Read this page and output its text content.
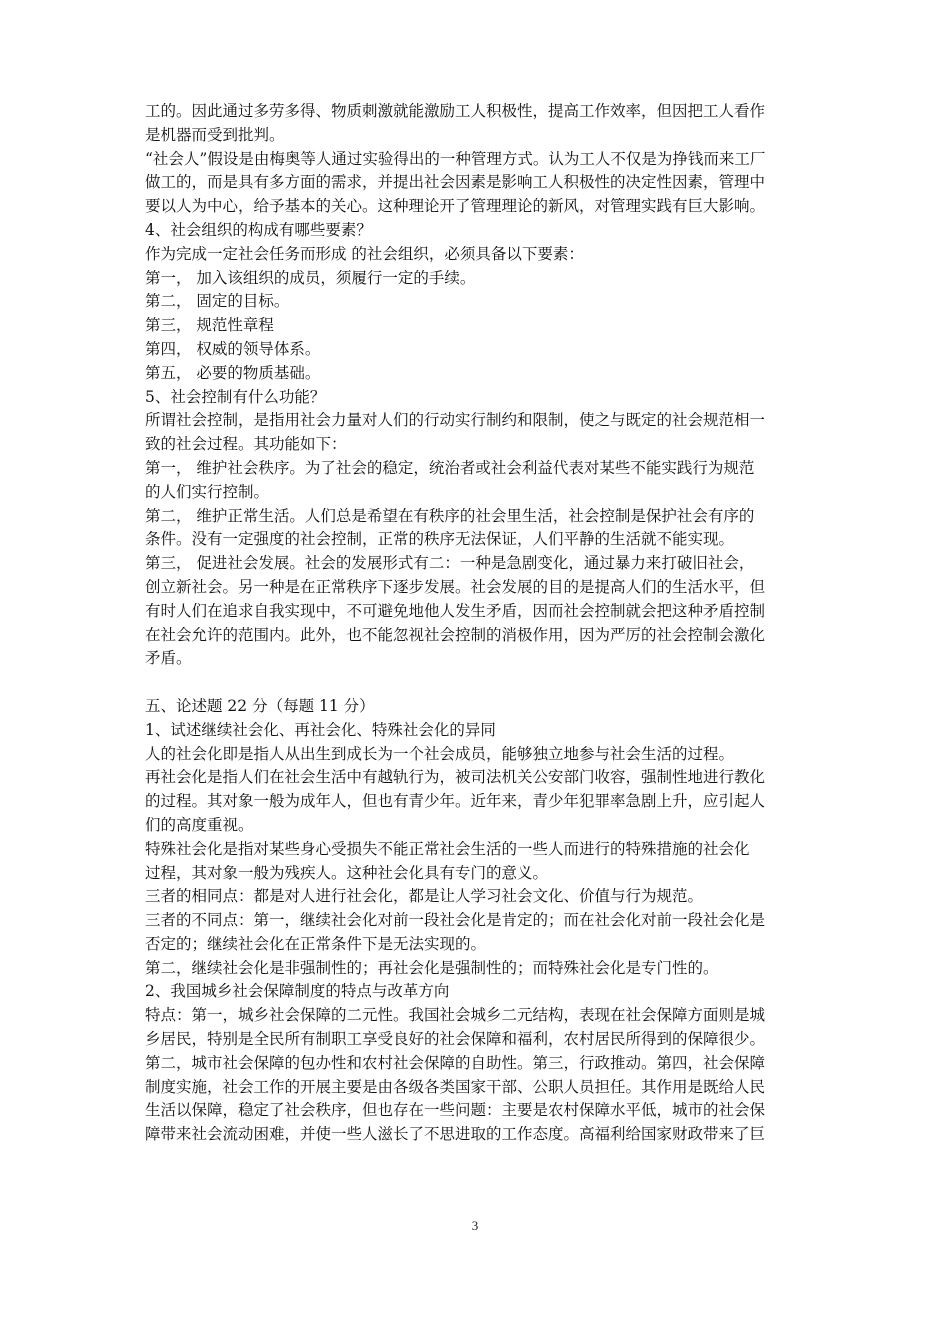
工的。因此通过多劳多得、物质刺激就能激励工人积极性，提高工作效率，但因把工人看作
是机器而受到批判。
“社会人”假设是由梅奥等人通过实验得出的一种管理方式。认为工人不仅是为挣钱而来工厂
做工的，而是具有多方面的需求，并提出社会因素是影响工人积极性的决定性因素，管理中
要以人为中心，给予基本的关心。这种理论开了管理理论的新风，对管理实践有巨大影响。
4、社会组织的构成有哪些要素？
作为完成一定社会任务而形成 的社会组织，必须具备以下要素：
第一， 加入该组织的成员，须履行一定的手续。
第二， 固定的目标。
第三， 规范性章程
第四， 权威的领导体系。
第五， 必要的物质基础。
5、社会控制有什么功能？
所谓社会控制，是指用社会力量对人们的行动实行制约和限制，使之与既定的社会规范相一
致的社会过程。其功能如下：
第一， 维护社会秩序。为了社会的稳定，统治者或社会利益代表对某些不能实践行为规范
的人们实行控制。
第二， 维护正常生活。人们总是希望在有秩序的社会里生活，社会控制是保护社会有序的
条件。没有一定强度的社会控制，正常的秩序无法保证，人们平静的生活就不能实现。
第三， 促进社会发展。社会的发展形式有二：一种是急剧变化，通过暴力来打破旧社会，
创立新社会。另一种是在正常秩序下逐步发展。社会发展的目的是提高人们的生活水平，但
有时人们在追求自我实现中，不可避免地他人发生矛盾，因而社会控制就会把这种矛盾控制
在社会允许的范围内。此外，也不能忽视社会控制的消极作用，因为严厉的社会控制会激化
矛盾。
五、论述题 22 分（每题 11 分）
1、试述继续社会化、再社会化、特殊社会化的异同
人的社会化即是指人从出生到成长为一个社会成员，能够独立地参与社会生活的过程。
再社会化是指人们在社会生活中有越轨行为，被司法机关公安部门收容，强制性地进行教化
的过程。其对象一般为成年人，但也有青少年。近年来，青少年犯罪率急剧上升，应引起人
们的高度重视。
特殊社会化是指对某些身心受损失不能正常社会生活的一些人而进行的特殊措施的社会化
过程，其对象一般为残疾人。这种社会化具有专门的意义。
三者的相同点：都是对人进行社会化，都是让人学习社会文化、价值与行为规范。
三者的不同点：第一，继续社会化对前一段社会化是肯定的；而在社会化对前一段社会化是
否定的；继续社会化在正常条件下是无法实现的。
第二，继续社会化是非强制性的；再社会化是强制性的；而特殊社会化是专门性的。
2、我国城乡社会保障制度的特点与改革方向
特点：第一，城乡社会保障的二元性。我国社会城乡二元结构，表现在社会保障方面则是城
乡居民，特别是全民所有制职工享受良好的社会保障和福利，农村居民所得到的保障很少。
第二，城市社会保障的包办性和农村社会保障的自助性。第三，行政推动。第四，社会保障
制度实施，社会工作的开展主要是由各级各类国家干部、公职人员担任。其作用是既给人民
生活以保障，稳定了社会秩序，但也存在一些问题：主要是农村保障水平低，城市的社会保
障带来社会流动困难，并使一些人滋长了不思进取的工作态度。高福利给国家财政带来了巨
3
